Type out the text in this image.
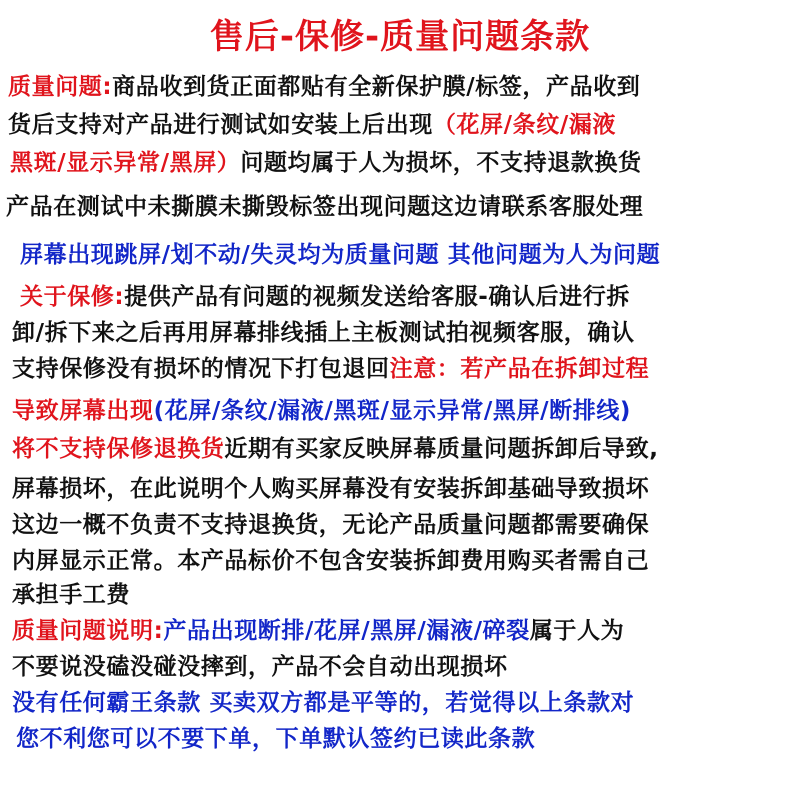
售后-保修-质量问题条款
质量问题:商品收到货正面都贴有全新保护膜/标签，产品收到
货后支持对产品进行测试如安装上后出现（花屏/条纹/漏液
黑斑/显示异常/黑屏）问题均属于人为损坏，不支持退款换货
产品在测试中未撕膜未撕毁标签出现问题这边请联系客服处理
屏幕出现跳屏/划不动/失灵均为质量问题 其他问题为人为问题
关于保修:提供产品有问题的视频发送给客服-确认后进行拆
卸/拆下来之后再用屏幕排线插上主板测试拍视频客服，确认
支持保修没有损坏的情况下打包退回注意：若产品在拆卸过程
导致屏幕出现(花屏/条纹/漏液/黑斑/显示异常/黑屏/断排线)
将不支持保修退换货近期有买家反映屏幕质量问题拆卸后导致,
屏幕损坏，在此说明个人购买屏幕没有安装拆卸基础导致损坏
这边一概不负责不支持退换货，无论产品质量问题都需要确保
内屏显示正常。本产品标价不包含安装拆卸费用购买者需自己
承担手工费
质量问题说明:产品出现断排/花屏/黑屏/漏液/碎裂属于人为
不要说没磕没碰没摔到，产品不会自动出现损坏
没有任何霸王条款 买卖双方都是平等的，若觉得以上条款对
您不利您可以不要下单，下单默认签约已读此条款
